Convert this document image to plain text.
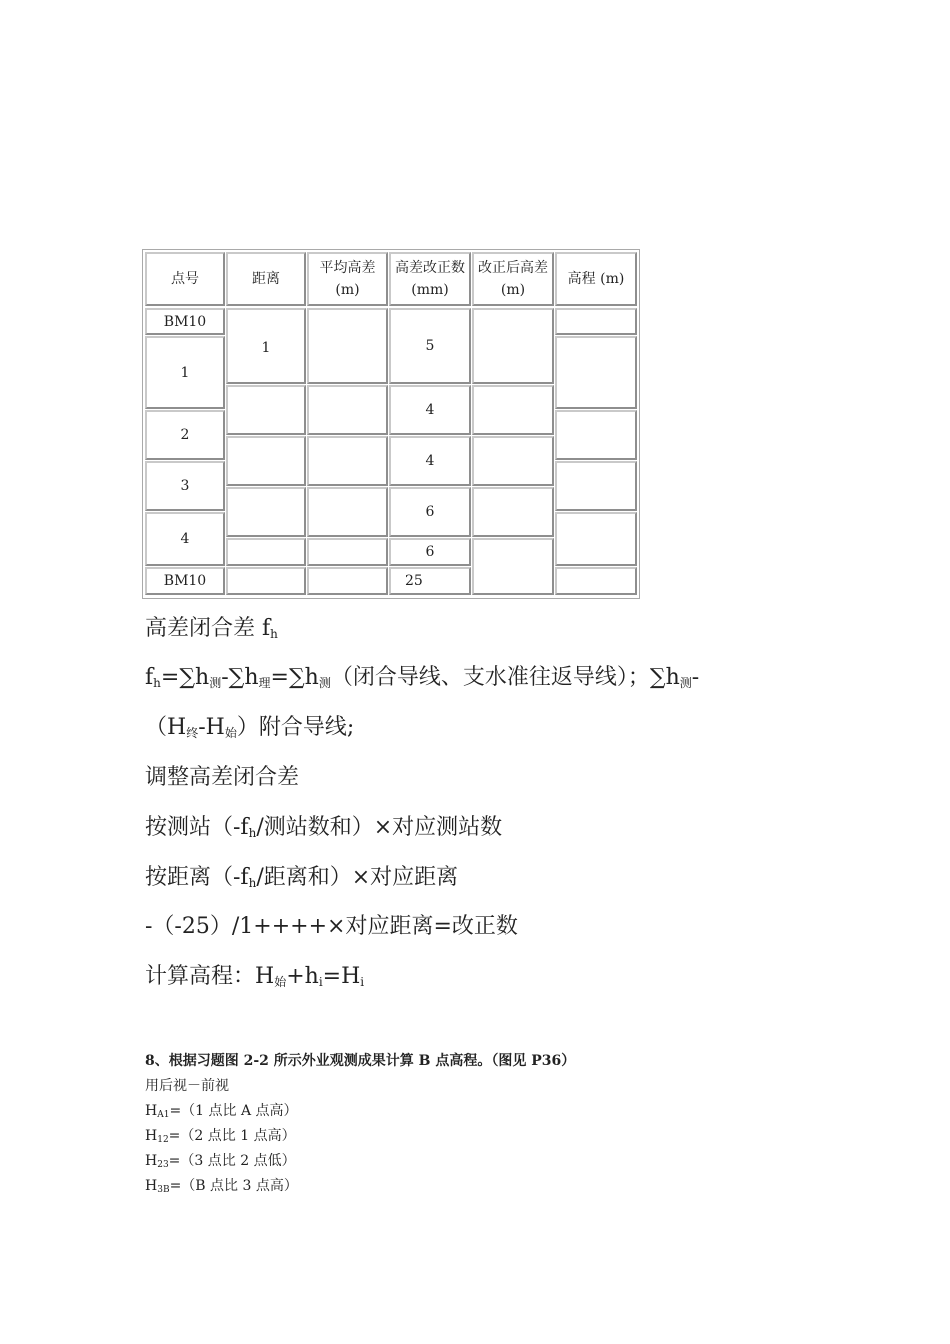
点号	距离
平均高差
(m)
高差改正数
(mm)
改正后高差
(m)
高程 (m)
BM10
1
2
3
4
BM10
1	5
4
4
6
6
25
高差闭合差 $f_h$
$f_h=\sum h_测-\sum h_理=\sum h_测$（闭合导线、支水准往返导线）；$\sum h_测-$
$(H_终-H_始)$附合导线;
调整高差闭合差
按测站（$-f_h/$测站数和）×对应测站数
按距离（$-f_h/$距离和）×对应距离
-（-25）/1++++×对应距离=改正数
计算高程：$H_始+h_i=H_i$
8、根据习题图 2-2 所示外业观测成果计算 B 点高程。（图见 P36）
用后视－前视
$H_{A1}=(1$ 点比 A 点高）
$H_{12}=(2$ 点比 1 点高）
$H_{23}=(3$ 点比 2 点低）
$H_{3B}=(B$ 点比 3 点高）
